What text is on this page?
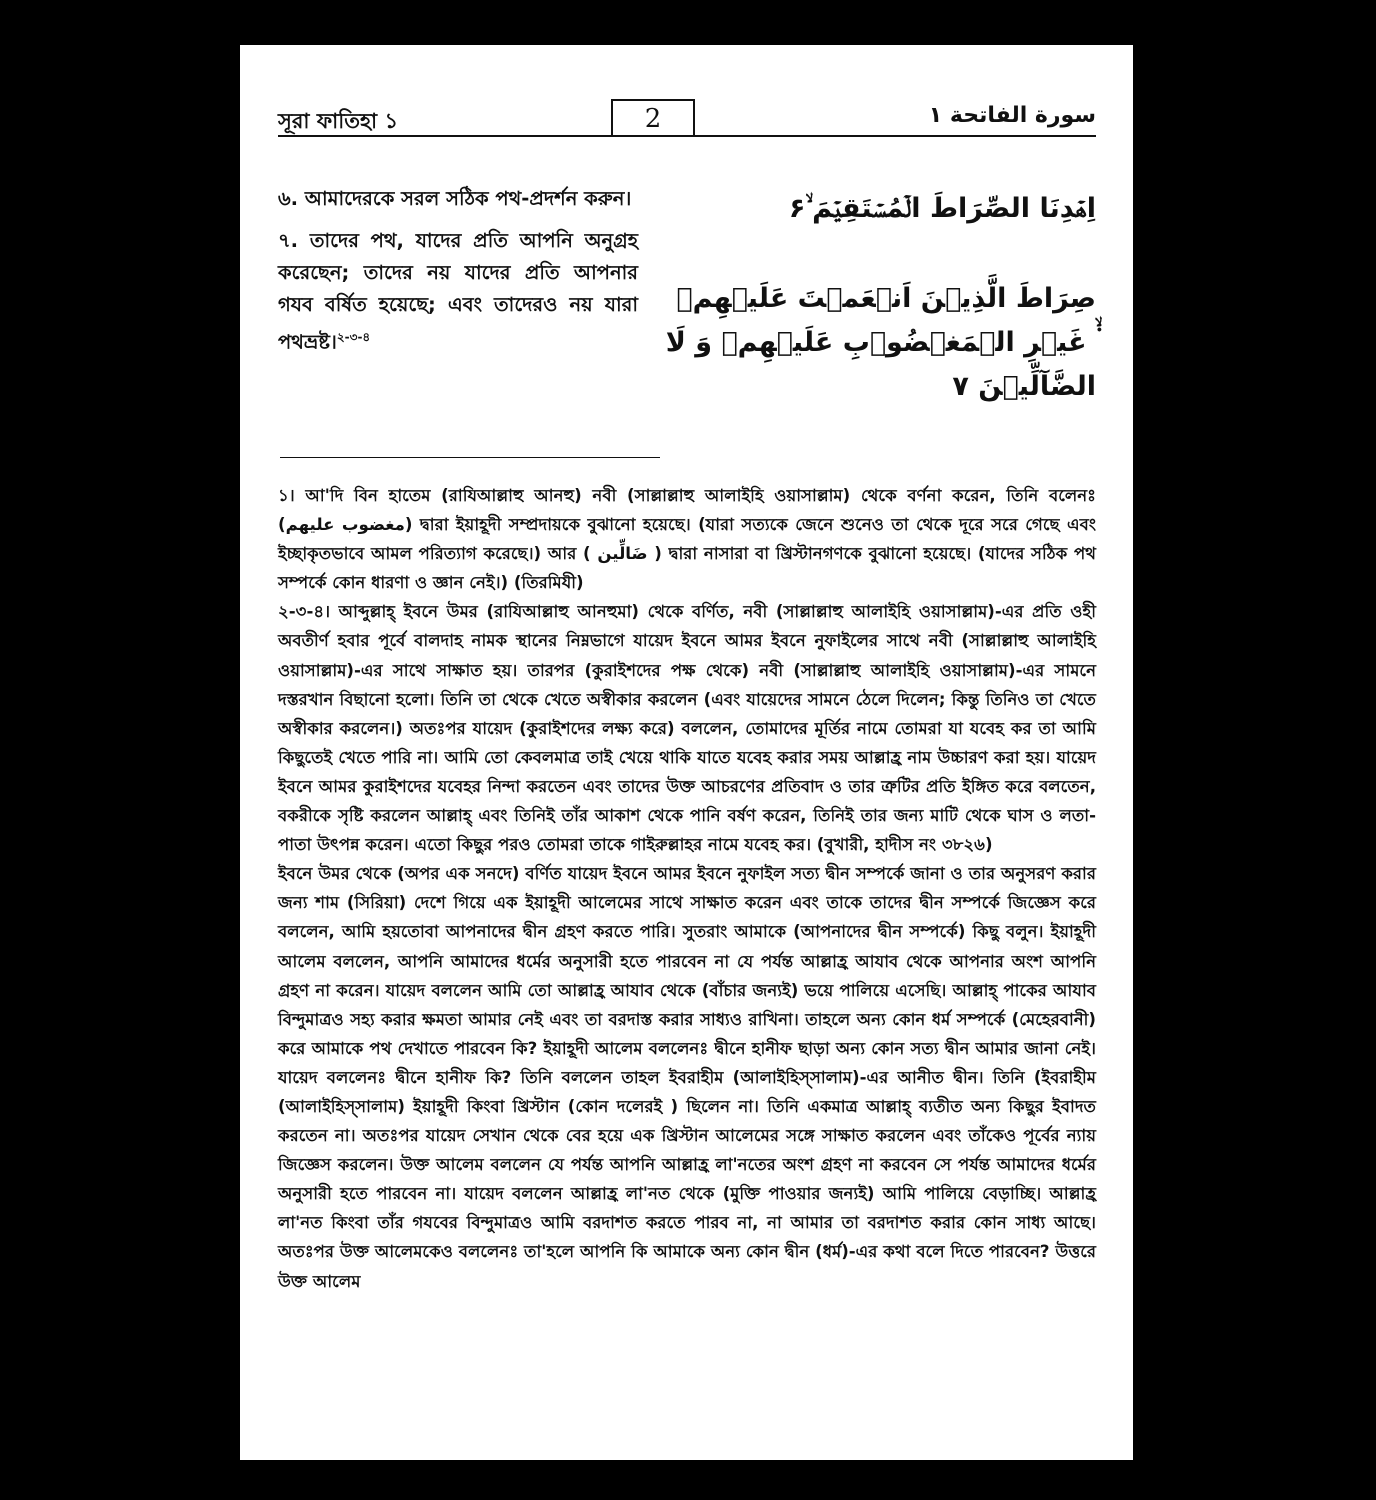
সূরা ফাতিহা ১	2	سورة الفاتحة ۱

৬. আমাদেরকে সরল সঠিক পথ-প্রদর্শন করুন।

৭. তাদের পথ, যাদের প্রতি আপনি অনুগ্রহ করেছেন; তাদের নয় যাদের প্রতি আপনার গযব বর্ষিত হয়েছে; এবং তাদেরও নয় যারা পথভ্রষ্ট।$^{২-৩-৪}$

اِهۡدِنَا الصِّرَاطَ الۡمُسۡتَقِیۡمَ ۙ۶
صِرَاطَ الَّذِیۡنَ اَنۡعَمۡتَ عَلَیۡهِمۡ ۬ۙ غَیۡرِ الۡمَغۡضُوۡبِ عَلَیۡهِمۡ وَ لَا الضَّآلِّیۡنَ ۷

১। আ'দি বিন হাতেম (রাযিআল্লাহু আনহু) নবী (সাল্লাল্লাহু আলাইহি ওয়াসাল্লাম) থেকে বর্ণনা করেন, তিনি বলেনঃ (مغضوب عليهم) দ্বারা ইয়াহূদী সম্প্রদায়কে বুঝানো হয়েছে। (যারা সত্যকে জেনে শুনেও তা থেকে দূরে সরে গেছে এবং ইচ্ছাকৃতভাবে আমল পরিত্যাগ করেছে।) আর ( ضَالِّين ) দ্বারা নাসারা বা খ্রিস্টানগণকে বুঝানো হয়েছে। (যাদের সঠিক পথ সম্পর্কে কোন ধারণা ও জ্ঞান নেই।) (তিরমিযী)

২-৩-৪। আব্দুল্লাহ্ ইবনে উমর (রাযিআল্লাহু আনহুমা) থেকে বর্ণিত, নবী (সাল্লাল্লাহু আলাইহি ওয়াসাল্লাম)-এর প্রতি ওহী অবতীর্ণ হবার পূর্বে বালদাহ নামক স্থানের নিম্নভাগে যায়েদ ইবনে আমর ইবনে নুফাইলের সাথে নবী (সাল্লাল্লাহু আলাইহি ওয়াসাল্লাম)-এর সাথে সাক্ষাত হয়। তারপর (কুরাইশদের পক্ষ থেকে) নবী (সাল্লাল্লাহু আলাইহি ওয়াসাল্লাম)-এর সামনে দস্তরখান বিছানো হলো। তিনি তা থেকে খেতে অস্বীকার করলেন (এবং যায়েদের সামনে ঠেলে দিলেন; কিন্তু তিনিও তা খেতে অস্বীকার করলেন।) অতঃপর যায়েদ (কুরাইশদের লক্ষ্য করে) বললেন, তোমাদের মূর্তির নামে তোমরা যা যবেহ কর তা আমি কিছুতেই খেতে পারি না। আমি তো কেবলমাত্র তাই খেয়ে থাকি যাতে যবেহ করার সময় আল্লাহ্র নাম উচ্চারণ করা হয়। যায়েদ ইবনে আমর কুরাইশদের যবেহর নিন্দা করতেন এবং তাদের উক্ত আচরণের প্রতিবাদ ও তার ত্রুটির প্রতি ইঙ্গিত করে বলতেন, বকরীকে সৃষ্টি করলেন আল্লাহ্ এবং তিনিই তাঁর আকাশ থেকে পানি বর্ষণ করেন, তিনিই তার জন্য মাটি থেকে ঘাস ও লতা-পাতা উৎপন্ন করেন। এতো কিছুর পরও তোমরা তাকে গাইরুল্লাহর নামে যবেহ কর। (বুখারী, হাদীস নং ৩৮২৬)

ইবনে উমর থেকে (অপর এক সনদে) বর্ণিত যায়েদ ইবনে আমর ইবনে নুফাইল সত্য দ্বীন সম্পর্কে জানা ও তার অনুসরণ করার জন্য শাম (সিরিয়া) দেশে গিয়ে এক ইয়াহূদী আলেমের সাথে সাক্ষাত করেন এবং তাকে তাদের দ্বীন সম্পর্কে জিজ্ঞেস করে বললেন, আমি হয়তোবা আপনাদের দ্বীন গ্রহণ করতে পারি। সুতরাং আমাকে (আপনাদের দ্বীন সম্পর্কে) কিছু বলুন। ইয়াহূদী আলেম বললেন, আপনি আমাদের ধর্মের অনুসারী হতে পারবেন না যে পর্যন্ত আল্লাহ্র আযাব থেকে আপনার অংশ আপনি গ্রহণ না করেন। যায়েদ বললেন আমি তো আল্লাহ্র আযাব থেকে (বাঁচার জন্যই) ভয়ে পালিয়ে এসেছি। আল্লাহ্ পাকের আযাব বিন্দুমাত্রও সহ্য করার ক্ষমতা আমার নেই এবং তা বরদাস্ত করার সাধ্যও রাখিনা। তাহলে অন্য কোন ধর্ম সম্পর্কে (মেহেরবানী) করে আমাকে পথ দেখাতে পারবেন কি? ইয়াহূদী আলেম বললেনঃ দ্বীনে হানীফ ছাড়া অন্য কোন সত্য দ্বীন আমার জানা নেই। যায়েদ বললেনঃ দ্বীনে হানীফ কি? তিনি বললেন তাহল ইবরাহীম (আলাইহিস্‌সালাম)-এর আনীত দ্বীন। তিনি (ইবরাহীম (আলাইহিস্‌সালাম) ইয়াহূদী কিংবা খ্রিস্টান (কোন দলেরই ) ছিলেন না। তিনি একমাত্র আল্লাহ্ ব্যতীত অন্য কিছুর ইবাদত করতেন না। অতঃপর যায়েদ সেখান থেকে বের হয়ে এক খ্রিস্টান আলেমের সঙ্গে সাক্ষাত করলেন এবং তাঁকেও পূর্বের ন্যায় জিজ্ঞেস করলেন। উক্ত আলেম বললেন যে পর্যন্ত আপনি আল্লাহ্র লা'নতের অংশ গ্রহণ না করবেন সে পর্যন্ত আমাদের ধর্মের অনুসারী হতে পারবেন না। যায়েদ বললেন আল্লাহ্র লা'নত থেকে (মুক্তি পাওয়ার জন্যই) আমি পালিয়ে বেড়াচ্ছি। আল্লাহ্র লা'নত কিংবা তাঁর গযবের বিন্দুমাত্রও আমি বরদাশত করতে পারব না, না আমার তা বরদাশত করার কোন সাধ্য আছে। অতঃপর উক্ত আলেমকেও বললেনঃ তা'হলে আপনি কি আমাকে অন্য কোন দ্বীন (ধর্ম)-এর কথা বলে দিতে পারবেন? উত্তরে উক্ত আলেম
